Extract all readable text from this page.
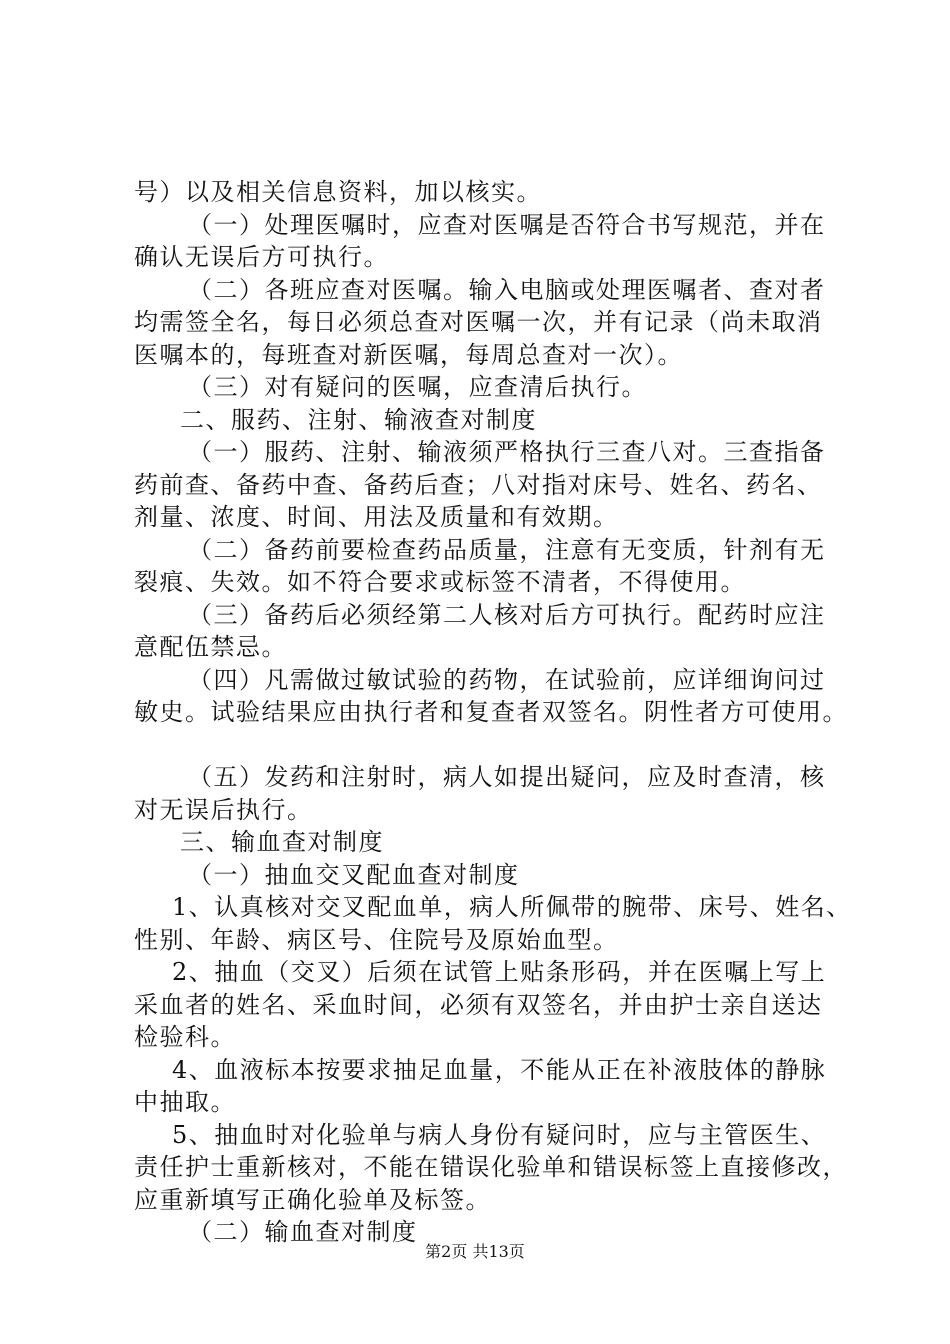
号）以及相关信息资料，加以核实。
（一）处理医嘱时，应查对医嘱是否符合书写规范，并在
确认无误后方可执行。
（二）各班应查对医嘱。输入电脑或处理医嘱者、查对者
均需签全名，每日必须总查对医嘱一次，并有记录（尚未取消
医嘱本的，每班查对新医嘱，每周总查对一次）。
（三）对有疑问的医嘱，应查清后执行。
二、服药、注射、输液查对制度
（一）服药、注射、输液须严格执行三查八对。三查指备
药前查、备药中查、备药后查；八对指对床号、姓名、药名、
剂量、浓度、时间、用法及质量和有效期。
（二）备药前要检查药品质量，注意有无变质，针剂有无
裂痕、失效。如不符合要求或标签不清者，不得使用。
（三）备药后必须经第二人核对后方可执行。配药时应注
意配伍禁忌。
（四）凡需做过敏试验的药物，在试验前，应详细询问过
敏史。试验结果应由执行者和复查者双签名。阴性者方可使用。
（五）发药和注射时，病人如提出疑问，应及时查清，核
对无误后执行。
三、输血查对制度
（一）抽血交叉配血查对制度
1、认真核对交叉配血单，病人所佩带的腕带、床号、姓名、
性别、年龄、病区号、住院号及原始血型。
2、抽血（交叉）后须在试管上贴条形码，并在医嘱上写上
采血者的姓名、采血时间，必须有双签名，并由护士亲自送达
检验科。
4、血液标本按要求抽足血量，不能从正在补液肢体的静脉
中抽取。
5、抽血时对化验单与病人身份有疑问时，应与主管医生、
责任护士重新核对，不能在错误化验单和错误标签上直接修改，
应重新填写正确化验单及标签。
（二）输血查对制度
第2页 共13页
